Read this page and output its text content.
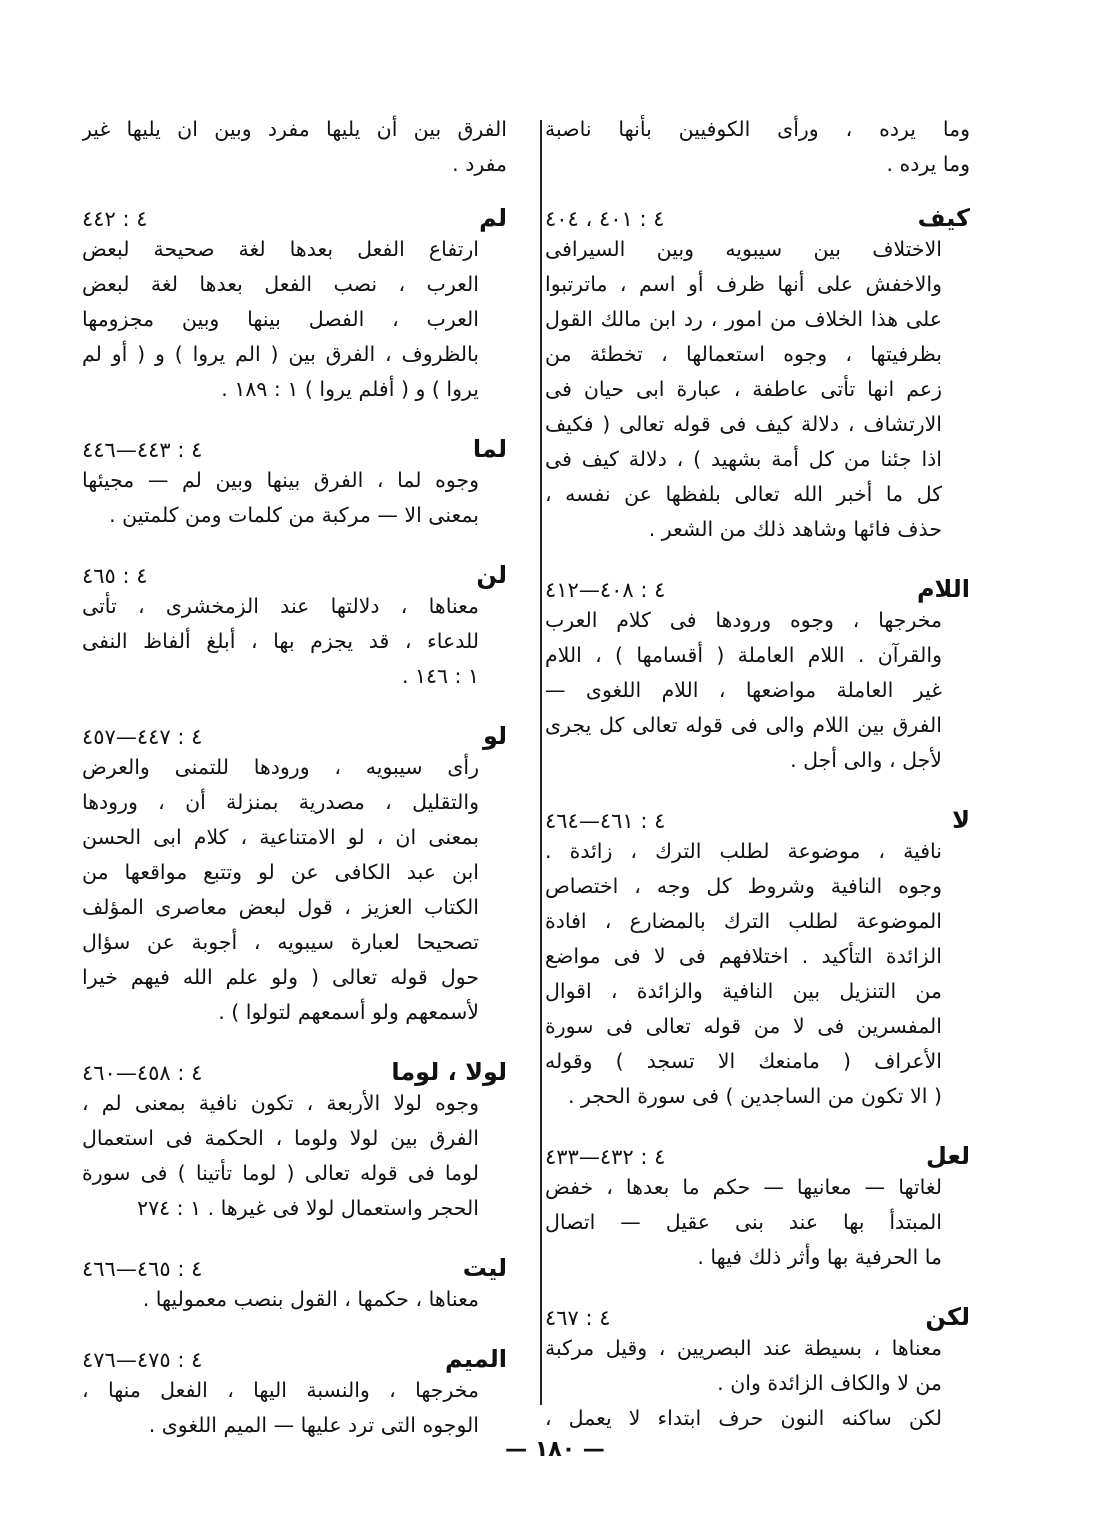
وما يرده ، ورأى الكوفيين بأنها ناصبة
وما يرده .
كيف
٤ : ٤٠١ ، ٤٠٤
الاختلاف بين سيبويه وبين السيرافى
والاخفش على أنها ظرف أو اسم ، ماترتبوا
على هذا الخلاف من امور ، رد ابن مالك القول
بظرفيتها ، وجوه استعمالها ، تخطئة من
زعم انها تأتى عاطفة ، عبارة ابى حيان فى
الارتشاف ، دلالة كيف فى قوله تعالى ( فكيف
اذا جئنا من كل أمة بشهيد ) ، دلالة كيف فى
كل ما أخبر الله تعالى بلفظها عن نفسه ،
حذف فائها وشاهد ذلك من الشعر .
اللام
٤ : ٤٠٨—٤١٢
مخرجها ، وجوه ورودها فى كلام العرب
والقرآن . اللام العاملة ( أقسامها ) ، اللام
غير العاملة مواضعها ، اللام اللغوى —
الفرق بين اللام والى فى قوله تعالى كل يجرى
لأجل ، والى أجل .
لا
٤ : ٤٦١—٤٦٤
نافية ، موضوعة لطلب الترك ، زائدة .
وجوه النافية وشروط كل وجه ، اختصاص
الموضوعة لطلب الترك بالمضارع ، افادة
الزائدة التأكيد . اختلافهم فى لا فى مواضع
من التنزيل بين النافية والزائدة ، اقوال
المفسرين فى لا من قوله تعالى فى سورة
الأعراف ( مامنعك الا تسجد ) وقوله
( الا تكون من الساجدين ) فى سورة الحجر .
لعل
٤ : ٤٣٢—٤٣٣
لغاتها — معانيها — حكم ما بعدها ، خفض
المبتدأ بها عند بنى عقيل — اتصال
ما الحرفية بها وأثر ذلك فيها .
لكن
٤ : ٤٦٧
معناها ، بسيطة عند البصريين ، وقيل مركبة
من لا والكاف الزائدة وان .
لكن ساكنه النون حرف ابتداء لا يعمل ،
الفرق بين أن يليها مفرد وبين ان يليها غير
مفرد .
لم
٤ : ٤٤٢
ارتفاع الفعل بعدها لغة صحيحة لبعض
العرب ، نصب الفعل بعدها لغة لبعض
العرب ، الفصل بينها وبين مجزومها
بالظروف ، الفرق بين ( الم يروا ) و ( أو لم
يروا ) و ( أفلم يروا ) ١ : ١٨٩ .
لما
٤ : ٤٤٣—٤٤٦
وجوه لما ، الفرق بينها وبين لم — مجيئها
بمعنى الا — مركبة من كلمات ومن كلمتين .
لن
٤ : ٤٦٥
معناها ، دلالتها عند الزمخشرى ، تأتى
للدعاء ، قد يجزم بها ، أبلغ ألفاظ النفى
١ : ١٤٦ .
لو
٤ : ٤٤٧—٤٥٧
رأى سيبويه ، ورودها للتمنى والعرض
والتقليل ، مصدرية بمنزلة أن ، ورودها
بمعنى ان ، لو الامتناعية ، كلام ابى الحسن
ابن عبد الكافى عن لو وتتبع مواقعها من
الكتاب العزيز ، قول لبعض معاصرى المؤلف
تصحيحا لعبارة سيبويه ، أجوبة عن سؤال
حول قوله تعالى ( ولو علم الله فيهم خيرا
لأسمعهم ولو أسمعهم لتولوا ) .
لولا ، لوما
٤ : ٤٥٨—٤٦٠
وجوه لولا الأربعة ، تكون نافية بمعنى لم ،
الفرق بين لولا ولوما ، الحكمة فى استعمال
لوما فى قوله تعالى ( لوما تأتينا ) فى سورة
الحجر واستعمال لولا فى غيرها . ١ : ٢٧٤
ليت
٤ : ٤٦٥—٤٦٦
معناها ، حكمها ، القول بنصب معموليها .
الميم
٤ : ٤٧٥—٤٧٦
مخرجها ، والنسبة اليها ، الفعل منها ،
الوجوه التى ترد عليها — الميم اللغوى .
— ١٨٠ —
